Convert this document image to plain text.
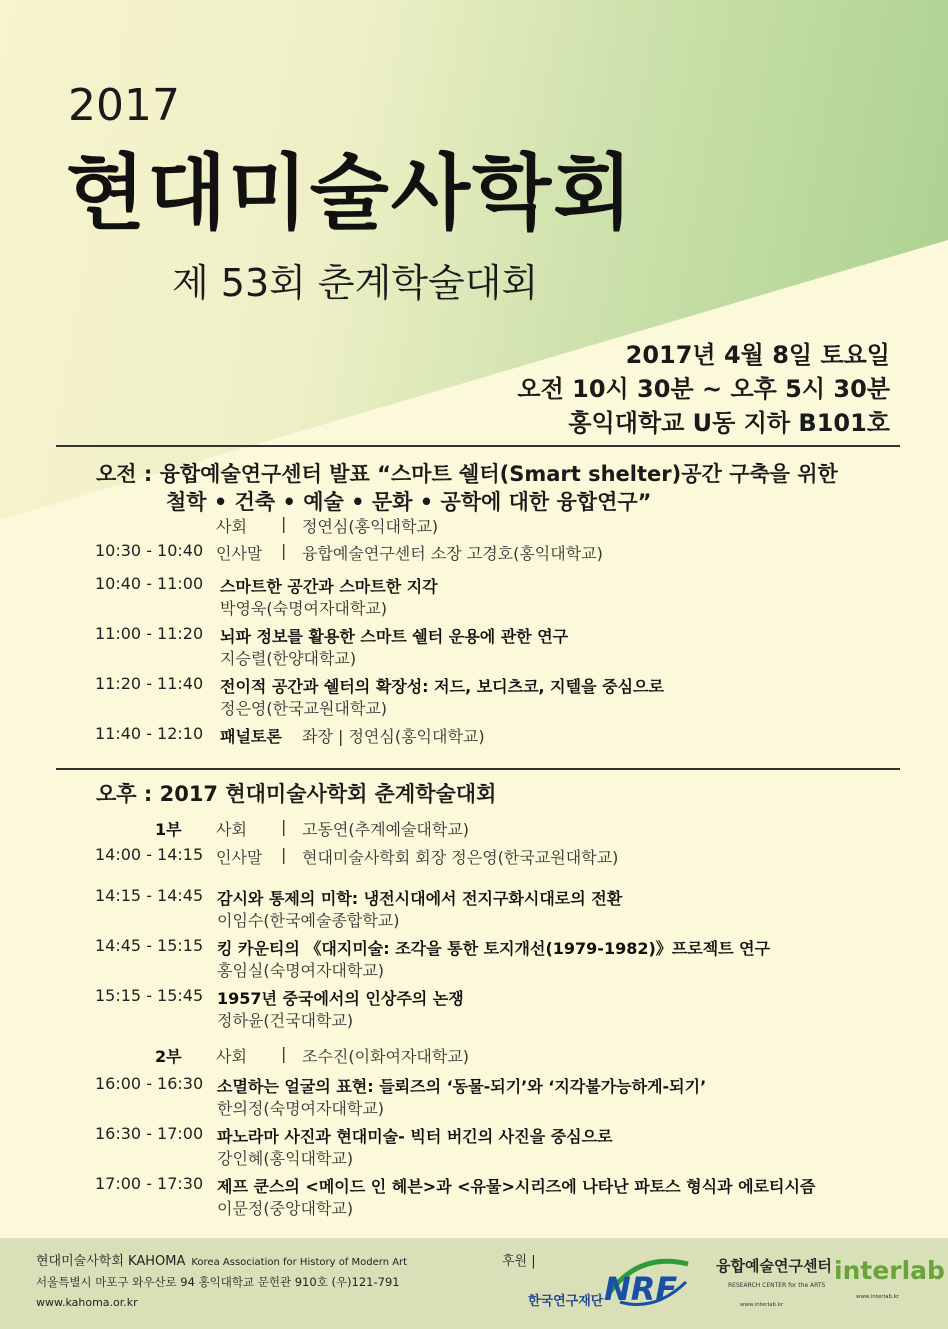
2017
현대미술사학회
제 53회 춘계학술대회
2017년 4월 8일 토요일
오전 10시 30분 ~ 오후 5시 30분
홍익대학교 U동 지하 B101호
오전 : 융합예술연구센터 발표 “스마트 쉘터(Smart shelter)공간 구축을 위한
철학 • 건축 • 예술 • 문화 • 공학에 대한 융합연구”
사회 | 정연심(홍익대학교)
10:30 - 10:40 인사말 | 융합예술연구센터 소장 고경호(홍익대학교)
10:40 - 11:00 스마트한 공간과 스마트한 지각
박영욱(숙명여자대학교)
11:00 - 11:20 뇌파 정보를 활용한 스마트 쉘터 운용에 관한 연구
지승렬(한양대학교)
11:20 - 11:40 전이적 공간과 쉘터의 확장성: 저드, 보디츠코, 지텔을 중심으로
정은영(한국교원대학교)
11:40 - 12:10 패널토론 좌장 | 정연심(홍익대학교)
오후 : 2017 현대미술사학회 춘계학술대회
1부 사회 | 고동연(추계예술대학교)
14:00 - 14:15 인사말 | 현대미술사학회 회장 정은영(한국교원대학교)
14:15 - 14:45 감시와 통제의 미학: 냉전시대에서 전지구화시대로의 전환
이임수(한국예술종합학교)
14:45 - 15:15 킹 카운티의 《대지미술: 조각을 통한 토지개선(1979-1982)》프로젝트 연구
홍임실(숙명여자대학교)
15:15 - 15:45 1957년 중국에서의 인상주의 논쟁
정하윤(건국대학교)
2부 사회 | 조수진(이화여자대학교)
16:00 - 16:30 소멸하는 얼굴의 표현: 들뢰즈의 ‘동물-되기’와 ‘지각불가능하게-되기’
한의정(숙명여자대학교)
16:30 - 17:00 파노라마 사진과 현대미술- 빅터 버긴의 사진을 중심으로
강인혜(홍익대학교)
17:00 - 17:30 제프 쿤스의 <메이드 인 헤븐>과 <유물>시리즈에 나타난 파토스 형식과 에로티시즘
이문정(중앙대학교)
현대미술사학회 KAHOMA Korea Association for History of Modern Art
서울특별시 마포구 와우산로 94 홍익대학교 문헌관 910호 (우)121-791
www.kahoma.or.kr
후원 |
한국연구재단 NRF
융합예술연구센터
RESEARCH CENTER for the ARTS
www.interlab.kr
interlab
www.interlab.kr
